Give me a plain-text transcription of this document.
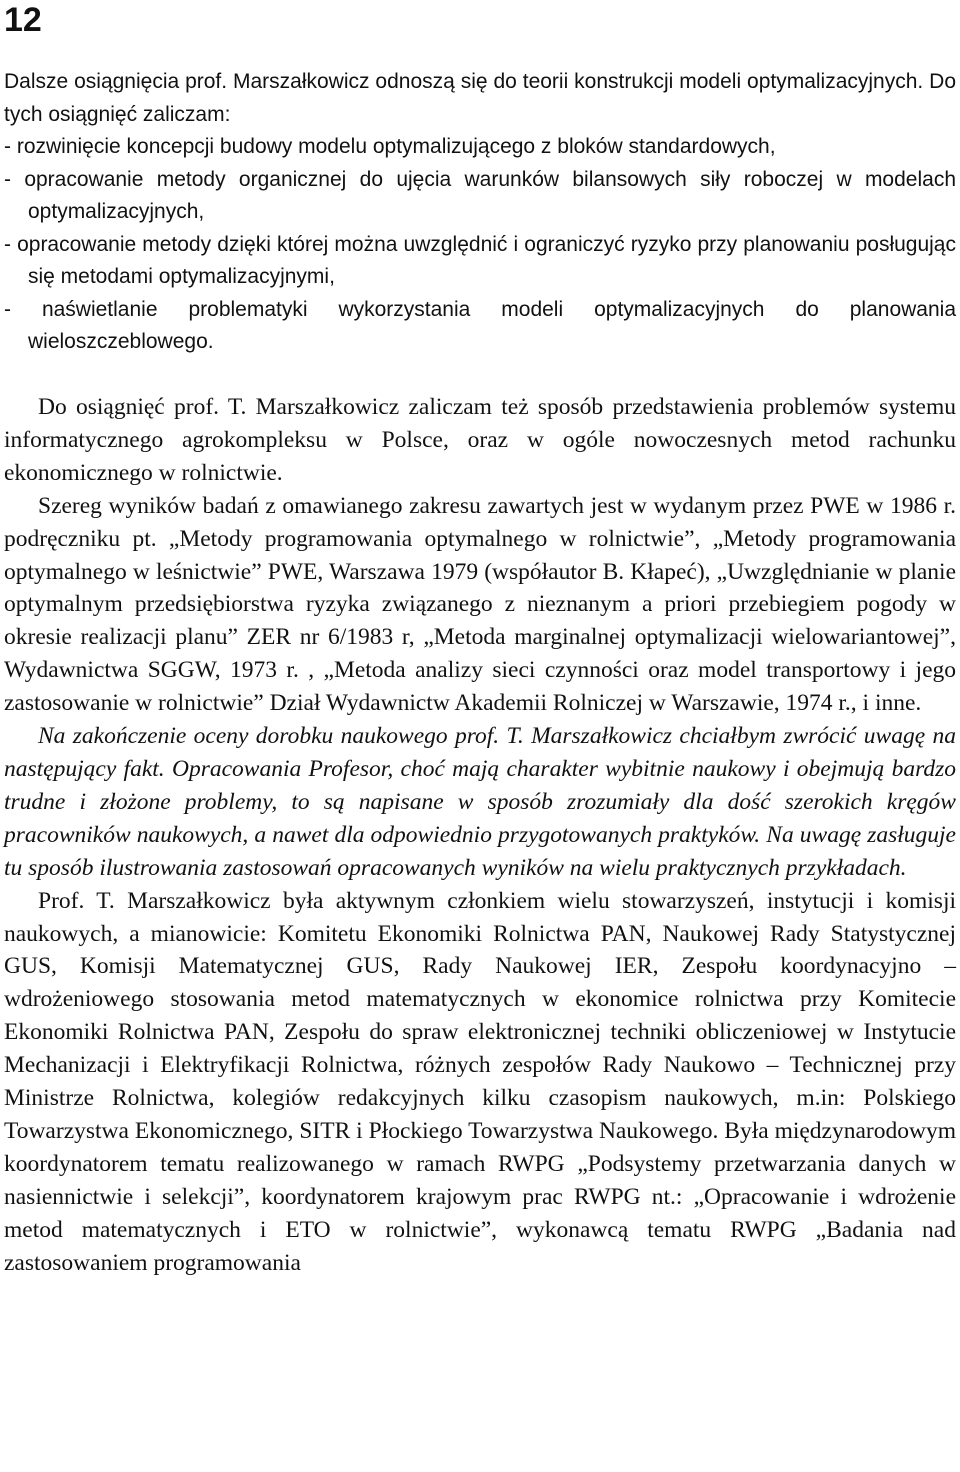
12

Dalsze osiągnięcia prof. Marszałkowicz odnoszą się do teorii konstrukcji modeli optymalizacyjnych. Do tych osiągnięć zaliczam:

- rozwinięcie koncepcji budowy modelu optymalizującego z bloków standardowych,

- opracowanie metody organicznej do ujęcia warunków bilansowych siły roboczej w modelach optymalizacyjnych,

- opracowanie metody dzięki której można uwzględnić i ograniczyć ryzyko przy planowaniu posługując się metodami optymalizacyjnymi,

- naświetlanie problematyki wykorzystania modeli optymalizacyjnych do planowania wieloszczeblowego.

Do osiągnięć prof. T. Marszałkowicz zaliczam też sposób przedstawienia problemów systemu informatycznego agrokompleksu w Polsce, oraz w ogóle nowoczesnych metod rachunku ekonomicznego w rolnictwie.

Szereg wyników badań z omawianego zakresu zawartych jest w wydanym przez PWE w 1986 r. podręczniku pt. „Metody programowania optymalnego w rolnictwie”, „Metody programowania optymalnego w leśnictwie” PWE, Warszawa 1979 (współautor B. Kłapeć), „Uwzględnianie w planie optymalnym przedsiębiorstwa ryzyka związanego z nieznanym a priori przebiegiem pogody w okresie realizacji planu” ZER nr 6/1983 r, „Metoda marginalnej optymalizacji wielowariantowej”, Wydawnictwa SGGW, 1973 r. , „Metoda analizy sieci czynności oraz model transportowy i jego zastosowanie w rolnictwie” Dział Wydawnictw Akademii Rolniczej w Warszawie, 1974 r., i inne.

Na zakończenie oceny dorobku naukowego prof. T. Marszałkowicz chciałbym zwrócić uwagę na następujący fakt. Opracowania Profesor, choć mają charakter wybitnie naukowy i obejmują bardzo trudne i złożone problemy, to są napisane w sposób zrozumiały dla dość szerokich kręgów pracowników naukowych, a nawet dla odpowiednio przygotowanych praktyków. Na uwagę zasługuje tu sposób ilustrowania zastosowań opracowanych wyników na wielu praktycznych przykładach.

Prof. T. Marszałkowicz była aktywnym członkiem wielu stowarzyszeń, instytucji i komisji naukowych, a mianowicie: Komitetu Ekonomiki Rolnictwa PAN, Naukowej Rady Statystycznej GUS, Komisji Matematycznej GUS, Rady Naukowej IER, Zespołu koordynacyjno – wdrożeniowego stosowania metod matematycznych w ekonomice rolnictwa przy Komitecie Ekonomiki Rolnictwa PAN, Zespołu do spraw elektronicznej techniki obliczeniowej w Instytucie Mechanizacji i Elektryfikacji Rolnictwa, różnych zespołów Rady Naukowo – Technicznej przy Ministrze Rolnictwa, kolegiów redakcyjnych kilku czasopism naukowych, m.in: Polskiego Towarzystwa Ekonomicznego, SITR i Płockiego Towarzystwa Naukowego. Była międzynarodowym koordynatorem tematu realizowanego w ramach RWPG „Podsystemy przetwarzania danych w nasiennictwie i selekcji”, koordynatorem krajowym prac RWPG nt.: „Opracowanie i wdrożenie metod matematycznych i ETO w rolnictwie”, wykonawcą tematu RWPG „Badania nad zastosowaniem programowania
